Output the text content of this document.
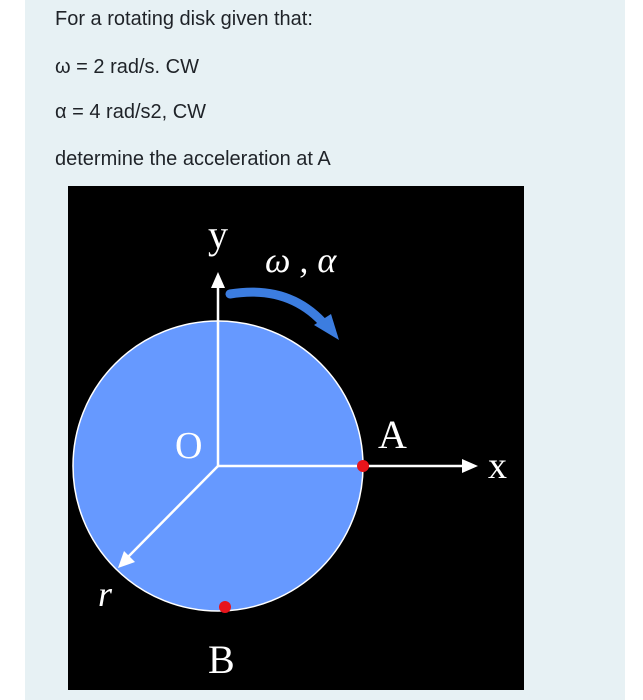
For a rotating disk given that:
ω = 2 rad/s. CW
α = 4 rad/s2, CW
determine the acceleration at A
y
ω , α
O	A
x
r
B
